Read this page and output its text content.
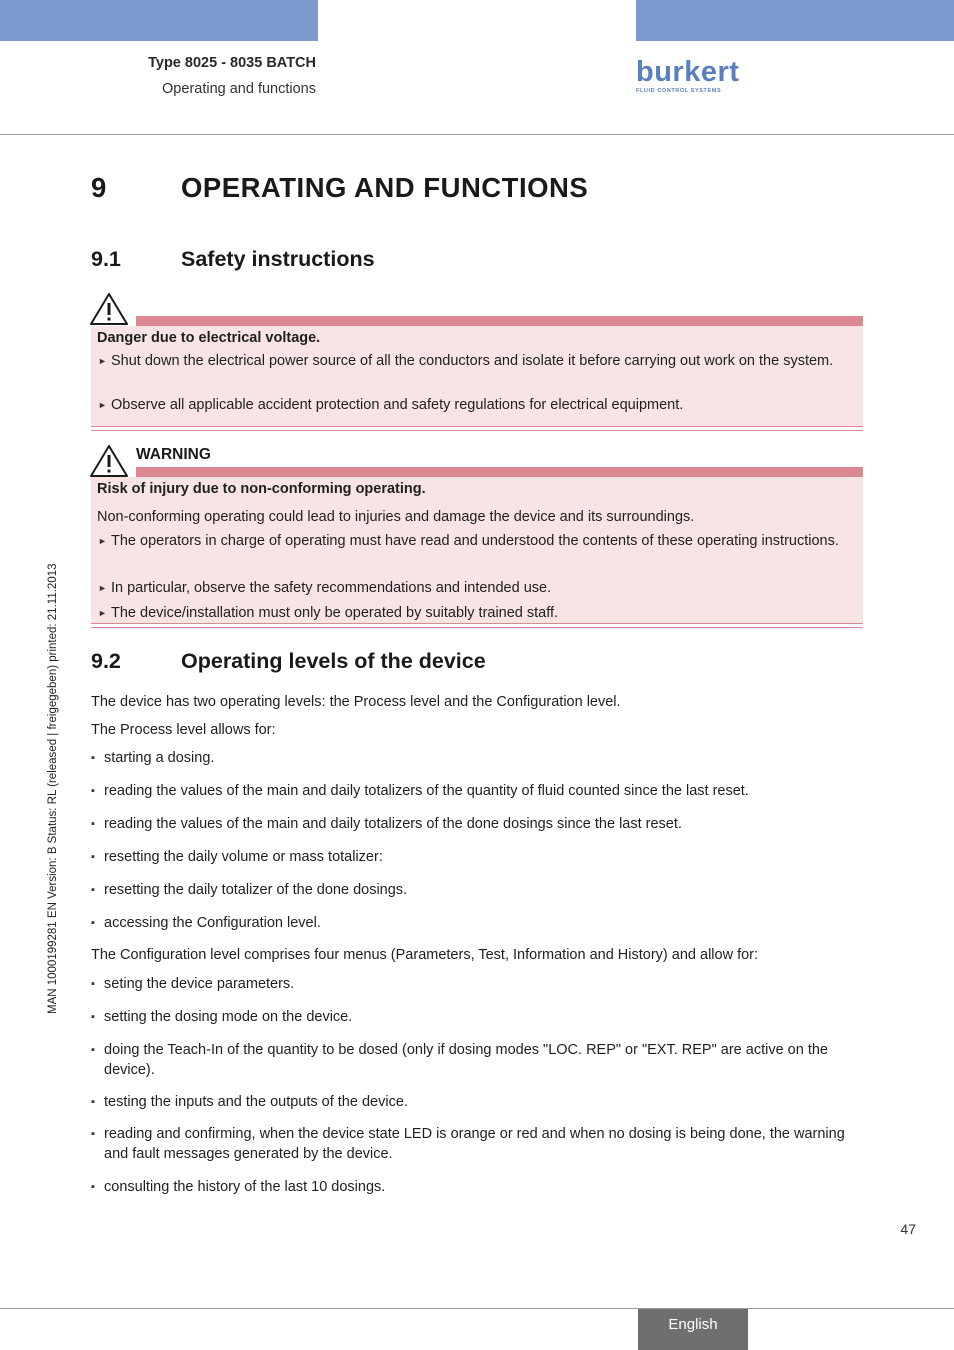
Type 8025 - 8035 BATCH
Operating and functions
burkert
FLUID CONTROL SYSTEMS
9	OPERATING AND FUNCTIONS
9.1	Safety instructions
Danger due to electrical voltage.
► Shut down the electrical power source of all the conductors and isolate it before carrying out work on the system.
► Observe all applicable accident protection and safety regulations for electrical equipment.
WARNING
Risk of injury due to non-conforming operating.
Non-conforming operating could lead to injuries and damage the device and its surroundings.
► The operators in charge of operating must have read and understood the contents of these operating instructions.
► In particular, observe the safety recommendations and intended use.
► The device/installation must only be operated by suitably trained staff.
9.2	Operating levels of the device
The device has two operating levels: the Process level and the Configuration level.
The Process level allows for:
▪ starting a dosing.
▪ reading the values of the main and daily totalizers of the quantity of fluid counted since the last reset.
▪ reading the values of the main and daily totalizers of the done dosings since the last reset.
▪ resetting the daily volume or mass totalizer:
▪ resetting the daily totalizer of the done dosings.
▪ accessing the Configuration level.
The Configuration level comprises four menus (Parameters, Test, Information and History) and allow for:
▪ seting the device parameters.
▪ setting the dosing mode on the device.
▪ doing the Teach-In of the quantity to be dosed (only if dosing modes "LOC. REP" or "EXT. REP" are active on the device).
▪ testing the inputs and the outputs of the device.
▪ reading and confirming, when the device state LED is orange or red and when no dosing is being done, the warning and fault messages generated by the device.
▪ consulting the history of the last 10 dosings.
MAN 1000199281 EN Version: B Status: RL (released | freigegeben) printed: 21.11.2013
47
English
